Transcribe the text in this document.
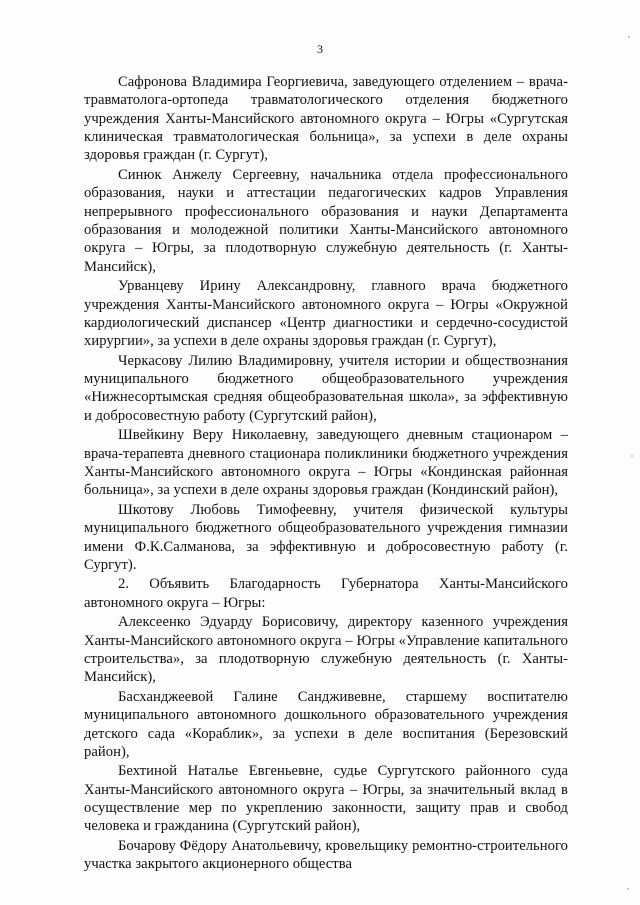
3

Сафронова Владимира Георгиевича, заведующего отделением – врача-травматолога-ортопеда травматологического отделения бюджетного учреждения Ханты-Мансийского автономного округа – Югры «Сургутская клиническая травматологическая больница», за успехи в деле охраны здоровья граждан (г. Сургут),

Синюк Анжелу Сергеевну, начальника отдела профессионального образования, науки и аттестации педагогических кадров Управления непрерывного профессионального образования и науки Департамента образования и молодежной политики Ханты-Мансийского автономного округа – Югры, за плодотворную служебную деятельность (г. Ханты-Мансийск),

Урванцеву Ирину Александровну, главного врача бюджетного учреждения Ханты-Мансийского автономного округа – Югры «Окружной кардиологический диспансер «Центр диагностики и сердечно-сосудистой хирургии», за успехи в деле охраны здоровья граждан (г. Сургут),

Черкасову Лилию Владимировну, учителя истории и обществознания муниципального бюджетного общеобразовательного учреждения «Нижнесортымская средняя общеобразовательная школа», за эффективную и добросовестную работу (Сургутский район),

Швейкину Веру Николаевну, заведующего дневным стационаром – врача-терапевта дневного стационара поликлиники бюджетного учреждения Ханты-Мансийского автономного округа – Югры «Кондинская районная больница», за успехи в деле охраны здоровья граждан (Кондинский район),

Шкотову Любовь Тимофеевну, учителя физической культуры муниципального бюджетного общеобразовательного учреждения гимназии имени Ф.К.Салманова, за эффективную и добросовестную работу (г. Сургут).

2. Объявить Благодарность Губернатора Ханты-Мансийского автономного округа – Югры:

Алексеенко Эдуарду Борисовичу, директору казенного учреждения Ханты-Мансийского автономного округа – Югры «Управление капитального строительства», за плодотворную служебную деятельность (г. Ханты-Мансийск),

Басханджеевой Галине Сандживевне, старшему воспитателю муниципального автономного дошкольного образовательного учреждения детского сада «Кораблик», за успехи в деле воспитания (Березовский район),

Бехтиной Наталье Евгеньевне, судье Сургутского районного суда Ханты-Мансийского автономного округа – Югры, за значительный вклад в осуществление мер по укреплению законности, защиту прав и свобод человека и гражданина (Сургутский район),

Бочарову Фёдору Анатольевичу, кровельщику ремонтно-строительного участка закрытого акционерного общества
